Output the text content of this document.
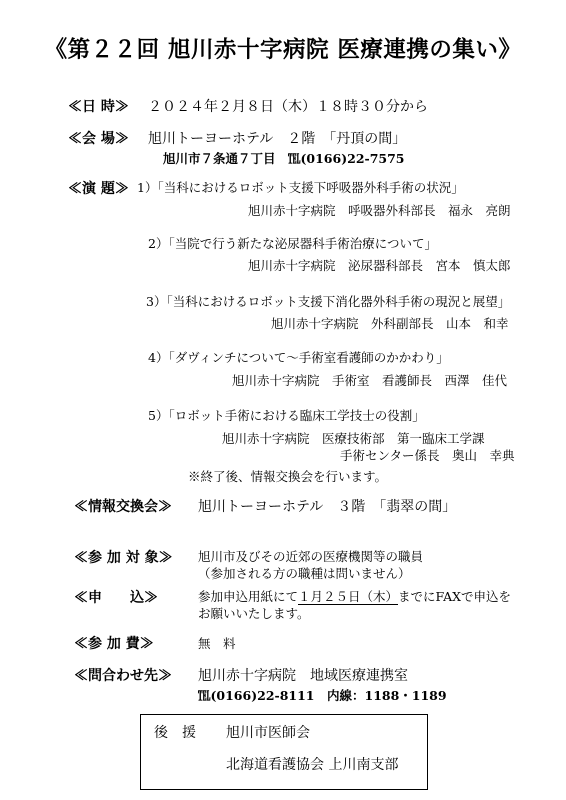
《第２２回 旭川赤十字病院 医療連携の集い》
≪日 時≫ ２０２４年２月８日（木）１８時３０分から
≪会 場≫ 旭川トーヨーホテル　２階　「丹頂の間」
旭川市７条通７丁目　℡(0166)22-7575
≪演 題≫ 1）「当科におけるロボット支援下呼吸器外科手術の状況」
旭川赤十字病院　呼吸器外科部長　福永　亮朗
2）「当院で行う新たな泌尿器科手術治療について」
旭川赤十字病院　泌尿器科部長　宮本　慎太郎
3）「当科におけるロボット支援下消化器外科手術の現況と展望」
旭川赤十字病院　外科副部長　山本　和幸
4）「ダヴィンチについて～手術室看護師のかかわり」
旭川赤十字病院　手術室　看護師長　西澤　佳代
5）「ロボット手術における臨床工学技士の役割」
旭川赤十字病院　医療技術部　第一臨床工学課
手術センター係長　奥山　幸典
※終了後、情報交換会を行います。
≪情報交換会≫ 旭川トーヨーホテル　３階　「翡翠の間」
≪参 加 対 象≫ 旭川市及びその近郊の医療機関等の職員
（参加される方の職種は問いません）
≪申　　込≫	参加申込用紙にて１月２５日（木）までにFAXで申込を
お願いいたします。
≪参 加 費≫	無　料
≪問合わせ先≫ 旭川赤十字病院　地域医療連携室
℡(0166)22-8111　内線：1188・1189
後　援 旭川市医師会
北海道看護協会 上川南支部
